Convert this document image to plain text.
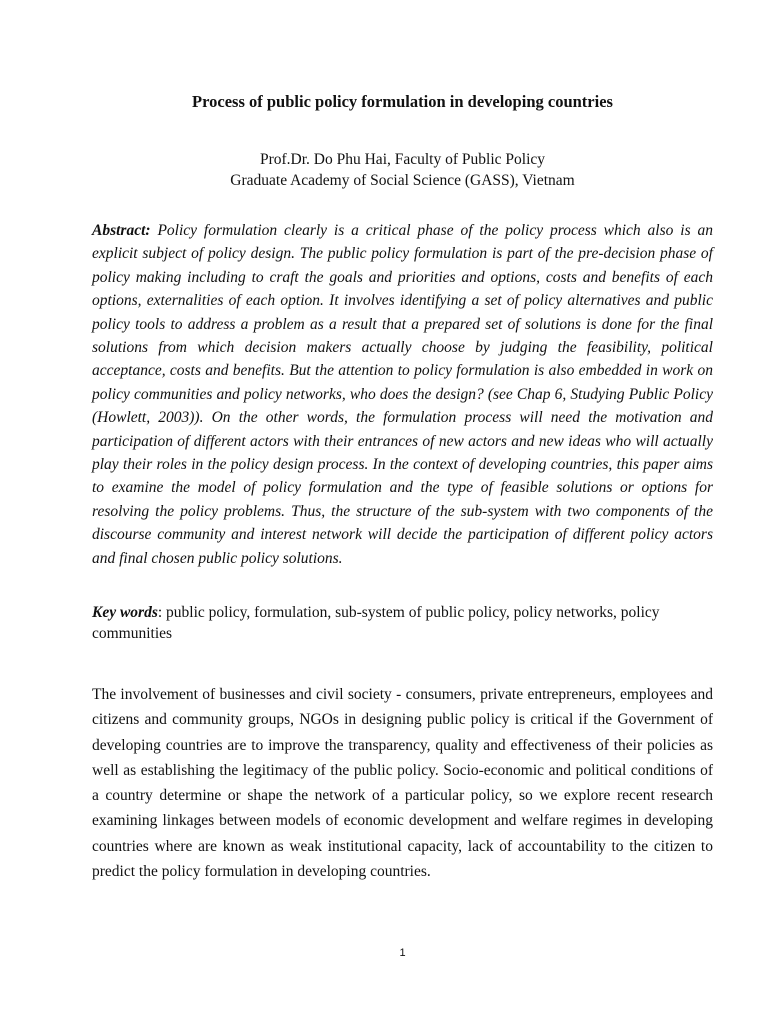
Process of public policy formulation in developing countries
Prof.Dr. Do Phu Hai, Faculty of Public Policy
Graduate Academy of Social Science (GASS), Vietnam

Abstract: Policy formulation clearly is a critical phase of the policy process which also is an explicit subject of policy design. The public policy formulation is part of the pre-decision phase of policy making including to craft the goals and priorities and options, costs and benefits of each options, externalities of each option. It involves identifying a set of policy alternatives and public policy tools to address a problem as a result that a prepared set of solutions is done for the final solutions from which decision makers actually choose by judging the feasibility, political acceptance, costs and benefits. But the attention to policy formulation is also embedded in work on policy communities and policy networks, who does the design? (see Chap 6, Studying Public Policy (Howlett, 2003)). On the other words, the formulation process will need the motivation and participation of different actors with their entrances of new actors and new ideas who will actually play their roles in the policy design process. In the context of developing countries, this paper aims to examine the model of policy formulation and the type of feasible solutions or options for resolving the policy problems. Thus, the structure of the sub-system with two components of the discourse community and interest network will decide the participation of different policy actors and final chosen public policy solutions.

Key words: public policy, formulation, sub-system of public policy, policy networks, policy communities

The involvement of businesses and civil society - consumers, private entrepreneurs, employees and citizens and community groups, NGOs in designing public policy is critical if the Government of developing countries are to improve the transparency, quality and effectiveness of their policies as well as establishing the legitimacy of the public policy. Socio-economic and political conditions of a country determine or shape the network of a particular policy, so we explore recent research examining linkages between models of economic development and welfare regimes in developing countries where are known as weak institutional capacity, lack of accountability to the citizen to predict the policy formulation in developing countries.

1
